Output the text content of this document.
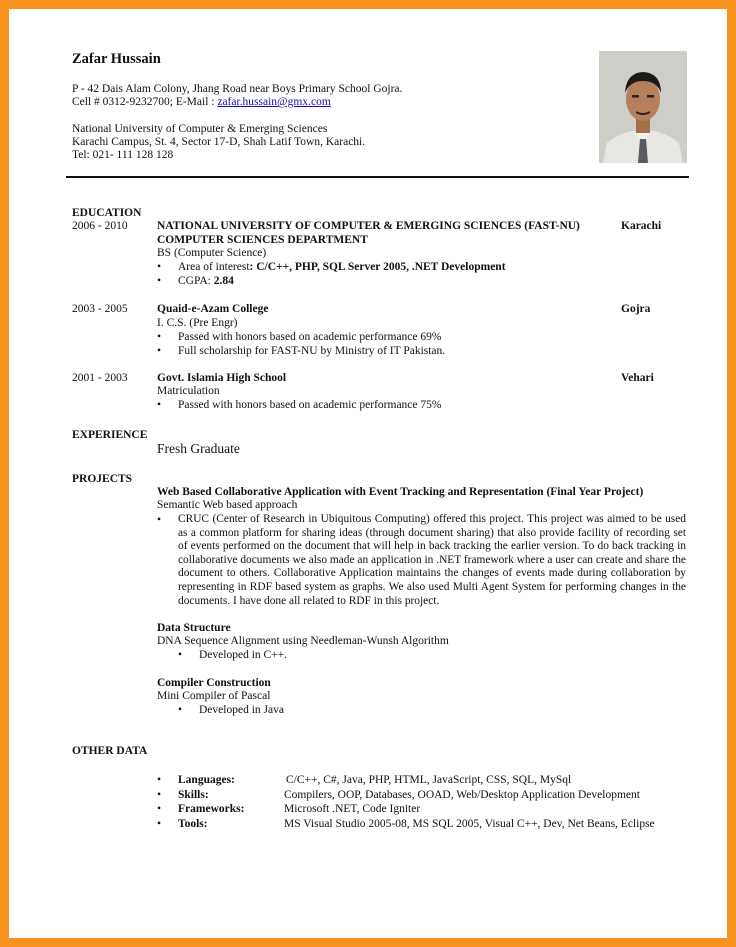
Zafar Hussain
P - 42 Dais Alam Colony, Jhang Road near Boys Primary School Gojra.
Cell # 0312-9232700; E-Mail : zafar.hussain@gmx.com
National University of Computer & Emerging Sciences
Karachi Campus, St. 4, Sector 17-D, Shah Latif Town, Karachi.
Tel: 021- 111 128 128
EDUCATION
2006 - 2010	NATIONAL UNIVERSITY OF COMPUTER & EMERGING SCIENCES (FAST-NU)	Karachi
COMPUTER SCIENCES DEPARTMENT
BS (Computer Science)
• Area of interest: C/C++, PHP, SQL Server 2005, .NET Development
• CGPA: 2.84
2003 - 2005	Quaid-e-Azam College	Gojra
I. C.S. (Pre Engr)
• Passed with honors based on academic performance 69%
• Full scholarship for FAST-NU by Ministry of IT Pakistan.
2001 - 2003	Govt. Islamia High School	Vehari
Matriculation
• Passed with honors based on academic performance 75%
EXPERIENCE
Fresh Graduate
PROJECTS
Web Based Collaborative Application with Event Tracking and Representation (Final Year Project)
Semantic Web based approach
• CRUC (Center of Research in Ubiquitous Computing) offered this project. This project was aimed to be used as a common platform for sharing ideas (through document sharing) that also provide facility of recording set of events performed on the document that will help in back tracking the earlier version. To do back tracking in collaborative documents we also made an application in .NET framework where a user can create and share the document to others. Collaborative Application maintains the changes of events made during collaboration by representing in RDF based system as graphs. We also used Multi Agent System for performing changes in the documents. I have done all related to RDF in this project.
Data Structure
DNA Sequence Alignment using Needleman-Wunsh Algorithm
• Developed in C++.
Compiler Construction
Mini Compiler of Pascal
• Developed in Java
OTHER DATA
• Languages:	C/C++, C#, Java, PHP, HTML, JavaScript, CSS, SQL, MySql
• Skills:	Compilers, OOP, Databases, OOAD, Web/Desktop Application Development
• Frameworks:	Microsoft .NET, Code Igniter
• Tools:	MS Visual Studio 2005-08, MS SQL 2005, Visual C++, Dev, Net Beans, Eclipse
